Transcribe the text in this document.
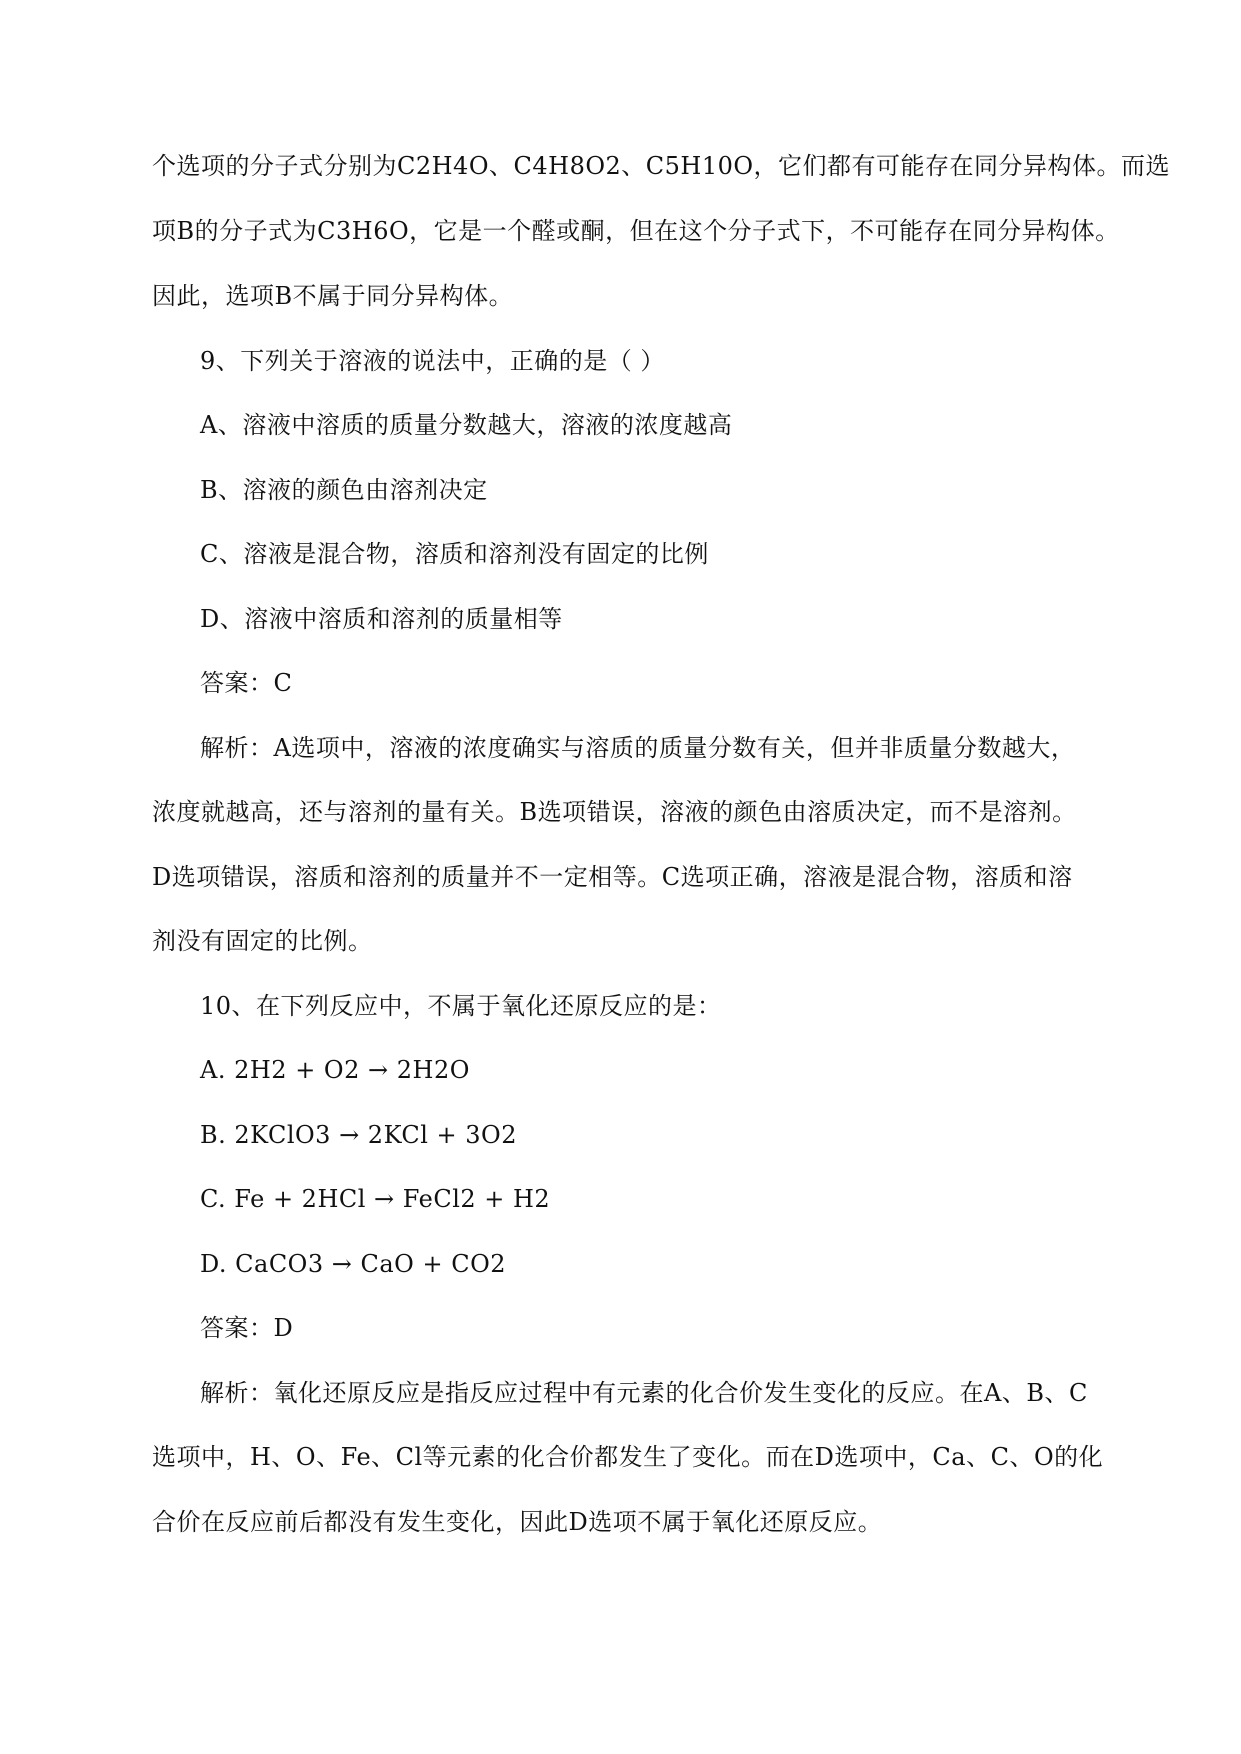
个选项的分子式分别为C2H4O、C4H8O2、C5H10O，它们都有可能存在同分异构体。而选
项B的分子式为C3H6O，它是一个醛或酮，但在这个分子式下，不可能存在同分异构体。
因此，选项B不属于同分异构体。
9、下列关于溶液的说法中，正确的是（ ）
A、溶液中溶质的质量分数越大，溶液的浓度越高
B、溶液的颜色由溶剂决定
C、溶液是混合物，溶质和溶剂没有固定的比例
D、溶液中溶质和溶剂的质量相等
答案：C
解析：A选项中，溶液的浓度确实与溶质的质量分数有关，但并非质量分数越大，
浓度就越高，还与溶剂的量有关。B选项错误，溶液的颜色由溶质决定，而不是溶剂。
D选项错误，溶质和溶剂的质量并不一定相等。C选项正确，溶液是混合物，溶质和溶
剂没有固定的比例。
10、在下列反应中，不属于氧化还原反应的是：
A. 2H2 + O2 → 2H2O
B. 2KClO3 → 2KCl + 3O2
C. Fe + 2HCl → FeCl2 + H2
D. CaCO3 → CaO + CO2
答案：D
解析：氧化还原反应是指反应过程中有元素的化合价发生变化的反应。在A、B、C
选项中，H、O、Fe、Cl等元素的化合价都发生了变化。而在D选项中，Ca、C、O的化
合价在反应前后都没有发生变化，因此D选项不属于氧化还原反应。
